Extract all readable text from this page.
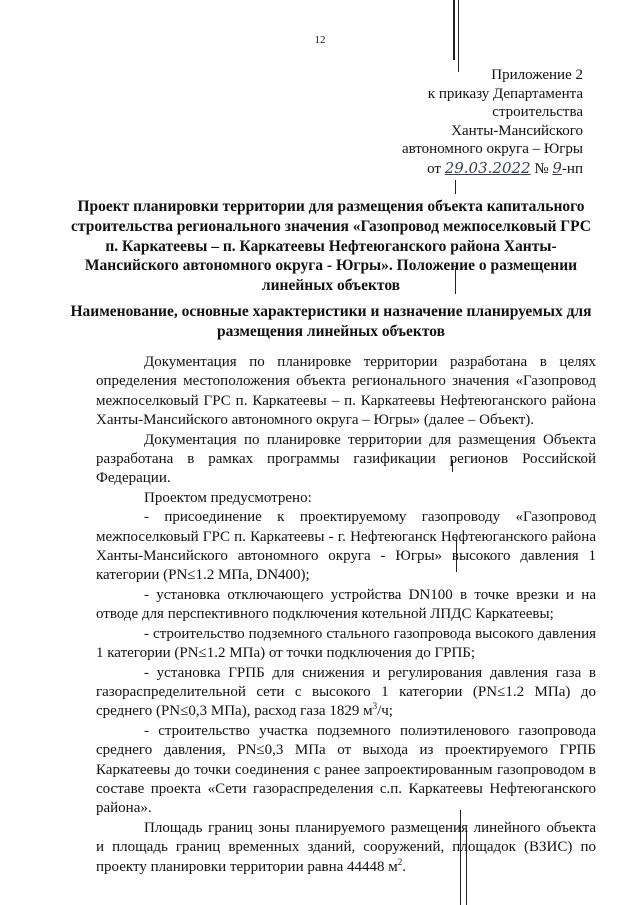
12
Приложение 2
к приказу Департамента
строительства
Ханты-Мансийского
автономного округа – Югры
от 29.03.2022 № 9-нп
Проект планировки территории для размещения объекта капитального строительства регионального значения «Газопровод межпоселковый ГРС п. Каркатеевы – п. Каркатеевы Нефтеюганского района Ханты-Мансийского автономного округа - Югры». Положение о размещении линейных объектов
Наименование, основные характеристики и назначение планируемых для размещения линейных объектов

Документация по планировке территории разработана в целях определения местоположения объекта регионального значения «Газопровод межпоселковый ГРС п. Каркатеевы – п. Каркатеевы Нефтеюганского района Ханты-Мансийского автономного округа – Югры» (далее – Объект).

Документация по планировке территории для размещения Объекта разработана в рамках программы газификации регионов Российской Федерации.

Проектом предусмотрено:

- присоединение к проектируемому газопроводу «Газопровод межпоселковый ГРС п. Каркатеевы - г. Нефтеюганск Нефтеюганского района Ханты-Мансийского автономного округа - Югры» высокого давления 1 категории (PN≤1.2 МПа, DN400);

- установка отключающего устройства DN100 в точке врезки и на отводе для перспективного подключения котельной ЛПДС Каркатеевы;

- строительство подземного стального газопровода высокого давления 1 категории (PN≤1.2 МПа) от точки подключения до ГРПБ;

- установка ГРПБ для снижения и регулирования давления газа в газораспределительной сети с высокого 1 категории (PN≤1.2 МПа) до среднего (PN≤0,3 МПа), расход газа 1829 $м^3/ч$;

- строительство участка подземного полиэтиленового газопровода среднего давления, PN≤0,3 МПа от выхода из проектируемого ГРПБ Каркатеевы до точки соединения с ранее запроектированным газопроводом в составе проекта «Сети газораспределения с.п. Каркатеевы Нефтеюганского района».

Площадь границ зоны планируемого размещения линейного объекта и площадь границ временных зданий, сооружений, площадок (ВЗИС) по проекту планировки территории равна 44448 $м^2$.
